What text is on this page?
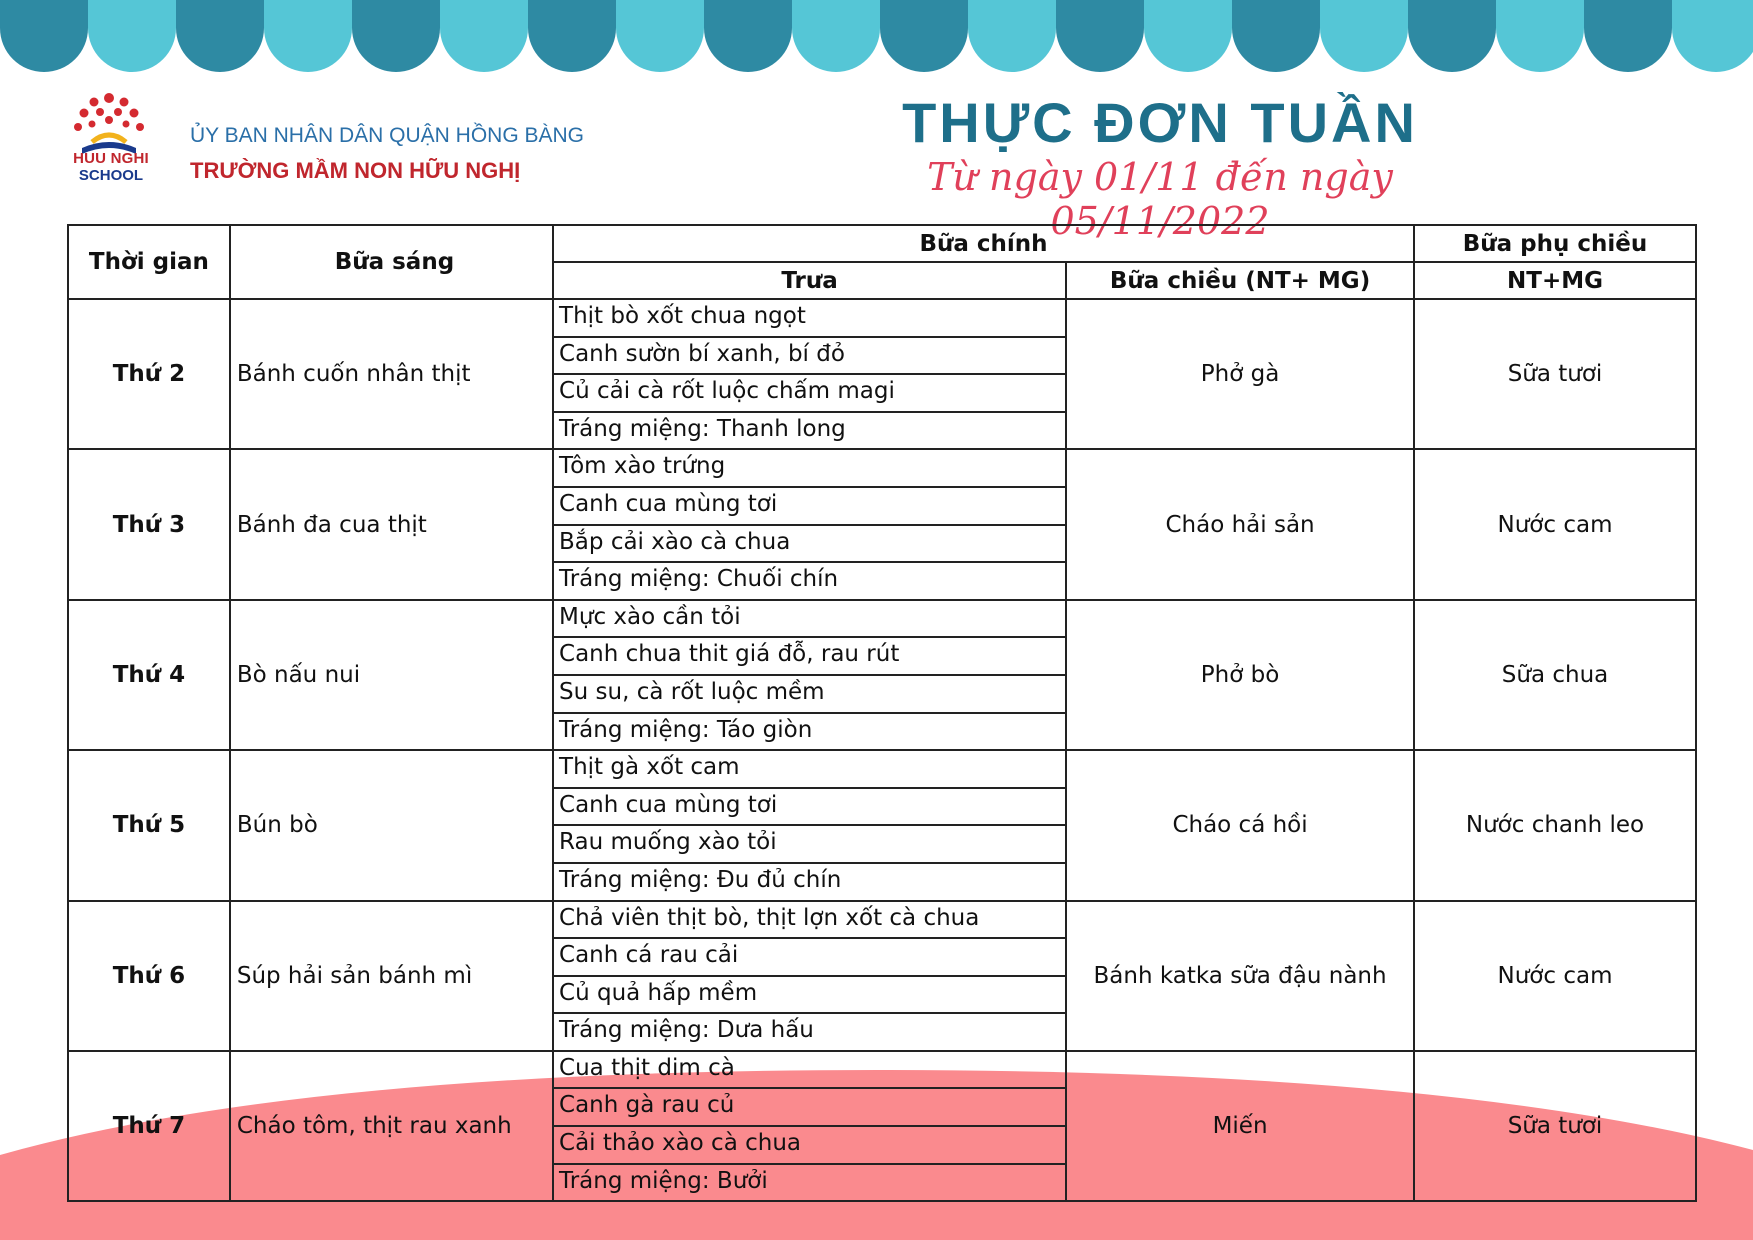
HUU NGHI
SCHOOL
ỦY BAN NHÂN DÂN QUẬN HỒNG BÀNG
TRƯỜNG MẦM NON HỮU NGHỊ
THỰC ĐƠN TUẦN
Từ ngày 01/11 đến ngày 05/11/2022
Thời gian	Bữa sáng	Bữa chính		Bữa phụ chiều
		Trưa	Bữa chiều (NT+ MG)	NT+MG
Thứ 2	Bánh cuốn nhân thịt	Thịt bò xốt chua ngọt
Canh sườn bí xanh, bí đỏ
Củ cải cà rốt luộc chấm magi
Tráng miệng: Thanh long	Phở gà	Sữa tươi
Thứ 3	Bánh đa cua thịt	Tôm xào trứng
Canh cua mùng tơi
Bắp cải xào cà chua
Tráng miệng: Chuối chín	Cháo hải sản	Nước cam
Thứ 4	Bò nấu nui	Mực xào cần tỏi
Canh chua thit giá đỗ, rau rút
Su su, cà rốt luộc mềm
Tráng miệng: Táo giòn	Phở bò	Sữa chua
Thứ 5	Bún bò	Thịt gà xốt cam
Canh cua mùng tơi
Rau muống xào tỏi
Tráng miệng: Đu đủ chín	Cháo cá hồi	Nước chanh leo
Thứ 6	Súp hải sản bánh mì	Chả viên thịt bò, thịt lợn xốt cà chua
Canh cá rau cải
Củ quả hấp mềm
Tráng miệng: Dưa hấu	Bánh katka sữa đậu nành	Nước cam
Thứ 7	Cháo tôm, thịt rau xanh	Cua thịt dim cà
Canh gà rau củ
Cải thảo xào cà chua
Tráng miệng: Bưởi	Miến	Sữa tươi
